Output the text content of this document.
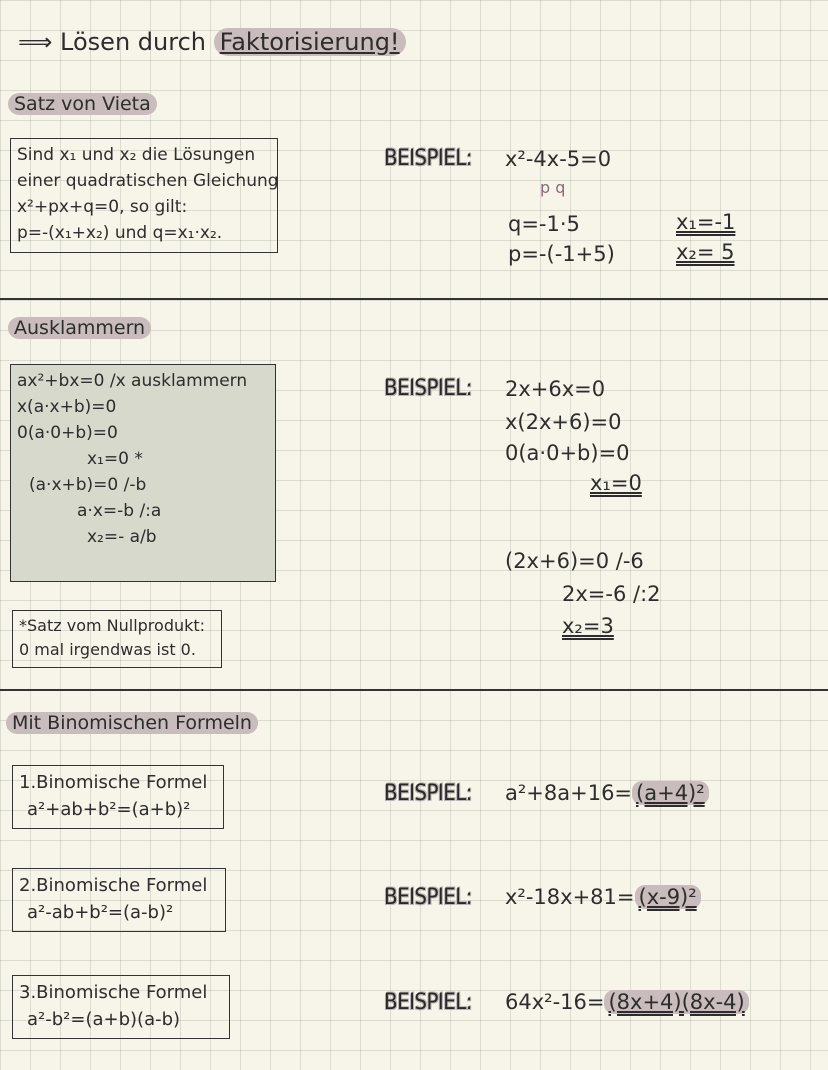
⟹ Lösen durch Faktorisierung!
Satz von Vieta
Sind x₁ und x₂ die Lösungen
einer quadratischen Gleichung
x²+px+q=0, so gilt:
p=-(x₁+x₂) und q=x₁·x₂.
BEISPIEL: x²-4x-5=0
p q
q=-1·5
p=-(-1+5)
x₁=-1
x₂= 5
Ausklammern
ax²+bx=0 /x ausklammern
x(a·x+b)=0
0(a·0+b)=0
x₁=0 *
(a·x+b)=0 /-b
a·x=-b /:a
x₂=- a/b
*Satz vom Nullprodukt:
0 mal irgendwas ist 0.
BEISPIEL: 2x+6x=0
x(2x+6)=0
0(a·0+b)=0
x₁=0
(2x+6)=0 /-6
2x=-6 /:2
x₂=3
Mit Binomischen Formeln
1.Binomische Formel
a²+ab+b²=(a+b)²
2.Binomische Formel
a²-ab+b²=(a-b)²
3.Binomische Formel
a²-b²=(a+b)(a-b)
BEISPIEL: a²+8a+16= (a+4)²
BEISPIEL: x²-18x+81= (x-9)²
BEISPIEL: 64x²-16= (8x+4)(8x-4)
